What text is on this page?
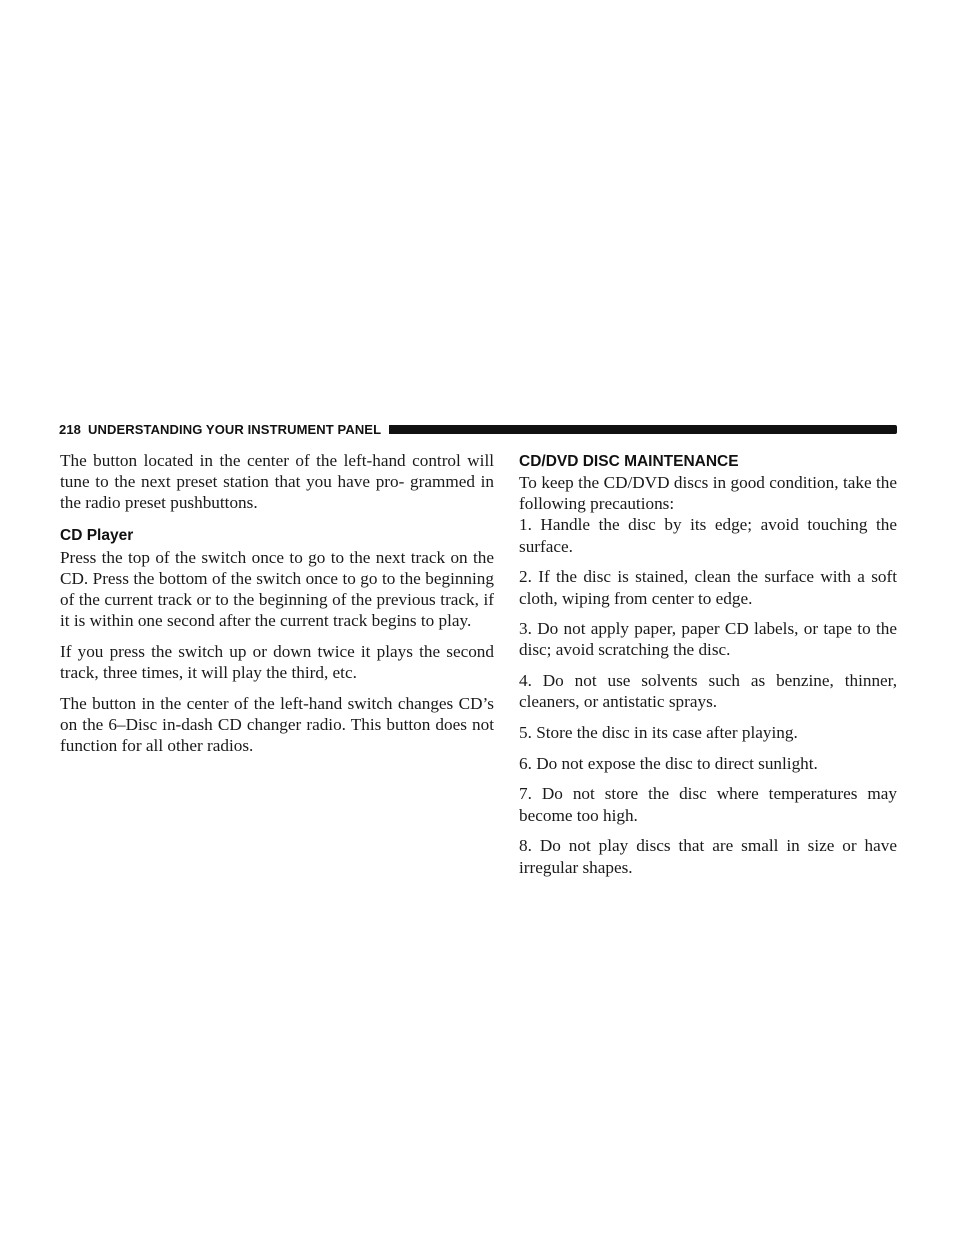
218 UNDERSTANDING YOUR INSTRUMENT PANEL

The button located in the center of the left-hand control will tune to the next preset station that you have pro- grammed in the radio preset pushbuttons.

CD Player

Press the top of the switch once to go to the next track on the CD. Press the bottom of the switch once to go to the beginning of the current track or to the beginning of the previous track, if it is within one second after the current track begins to play.

If you press the switch up or down twice it plays the second track, three times, it will play the third, etc.

The button in the center of the left-hand switch changes CD’s on the 6–Disc in-dash CD changer radio. This button does not function for all other radios.

CD/DVD DISC MAINTENANCE

To keep the CD/DVD discs in good condition, take the following precautions:

1. Handle the disc by its edge; avoid touching the surface.

2. If the disc is stained, clean the surface with a soft cloth, wiping from center to edge.

3. Do not apply paper, paper CD labels, or tape to the disc; avoid scratching the disc.

4. Do not use solvents such as benzine, thinner, cleaners, or antistatic sprays.

5. Store the disc in its case after playing.

6. Do not expose the disc to direct sunlight.

7. Do not store the disc where temperatures may become too high.

8. Do not play discs that are small in size or have irregular shapes.
